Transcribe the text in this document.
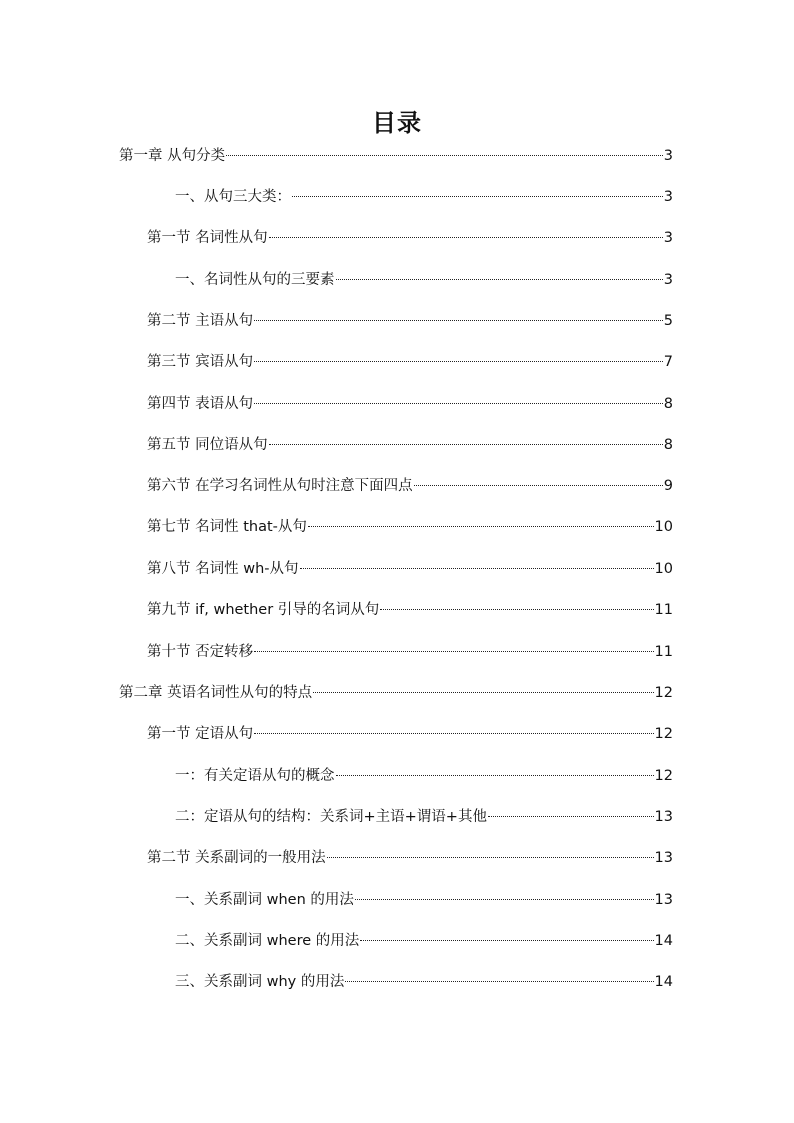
目录
第一章 从句分类	3
一、从句三大类：	3
第一节 名词性从句	3
一、名词性从句的三要素	3
第二节 主语从句	5
第三节 宾语从句	7
第四节 表语从句	8
第五节 同位语从句	8
第六节 在学习名词性从句时注意下面四点	9
第七节 名词性 that-从句	10
第八节 名词性 wh-从句	10
第九节 if, whether 引导的名词从句	11
第十节 否定转移	11
第二章 英语名词性从句的特点	12
第一节 定语从句	12
一：有关定语从句的概念	12
二：定语从句的结构：关系词+主语+谓语+其他	13
第二节 关系副词的一般用法	13
一、关系副词 when 的用法	13
二、关系副词 where 的用法	14
三、关系副词 why 的用法	14
